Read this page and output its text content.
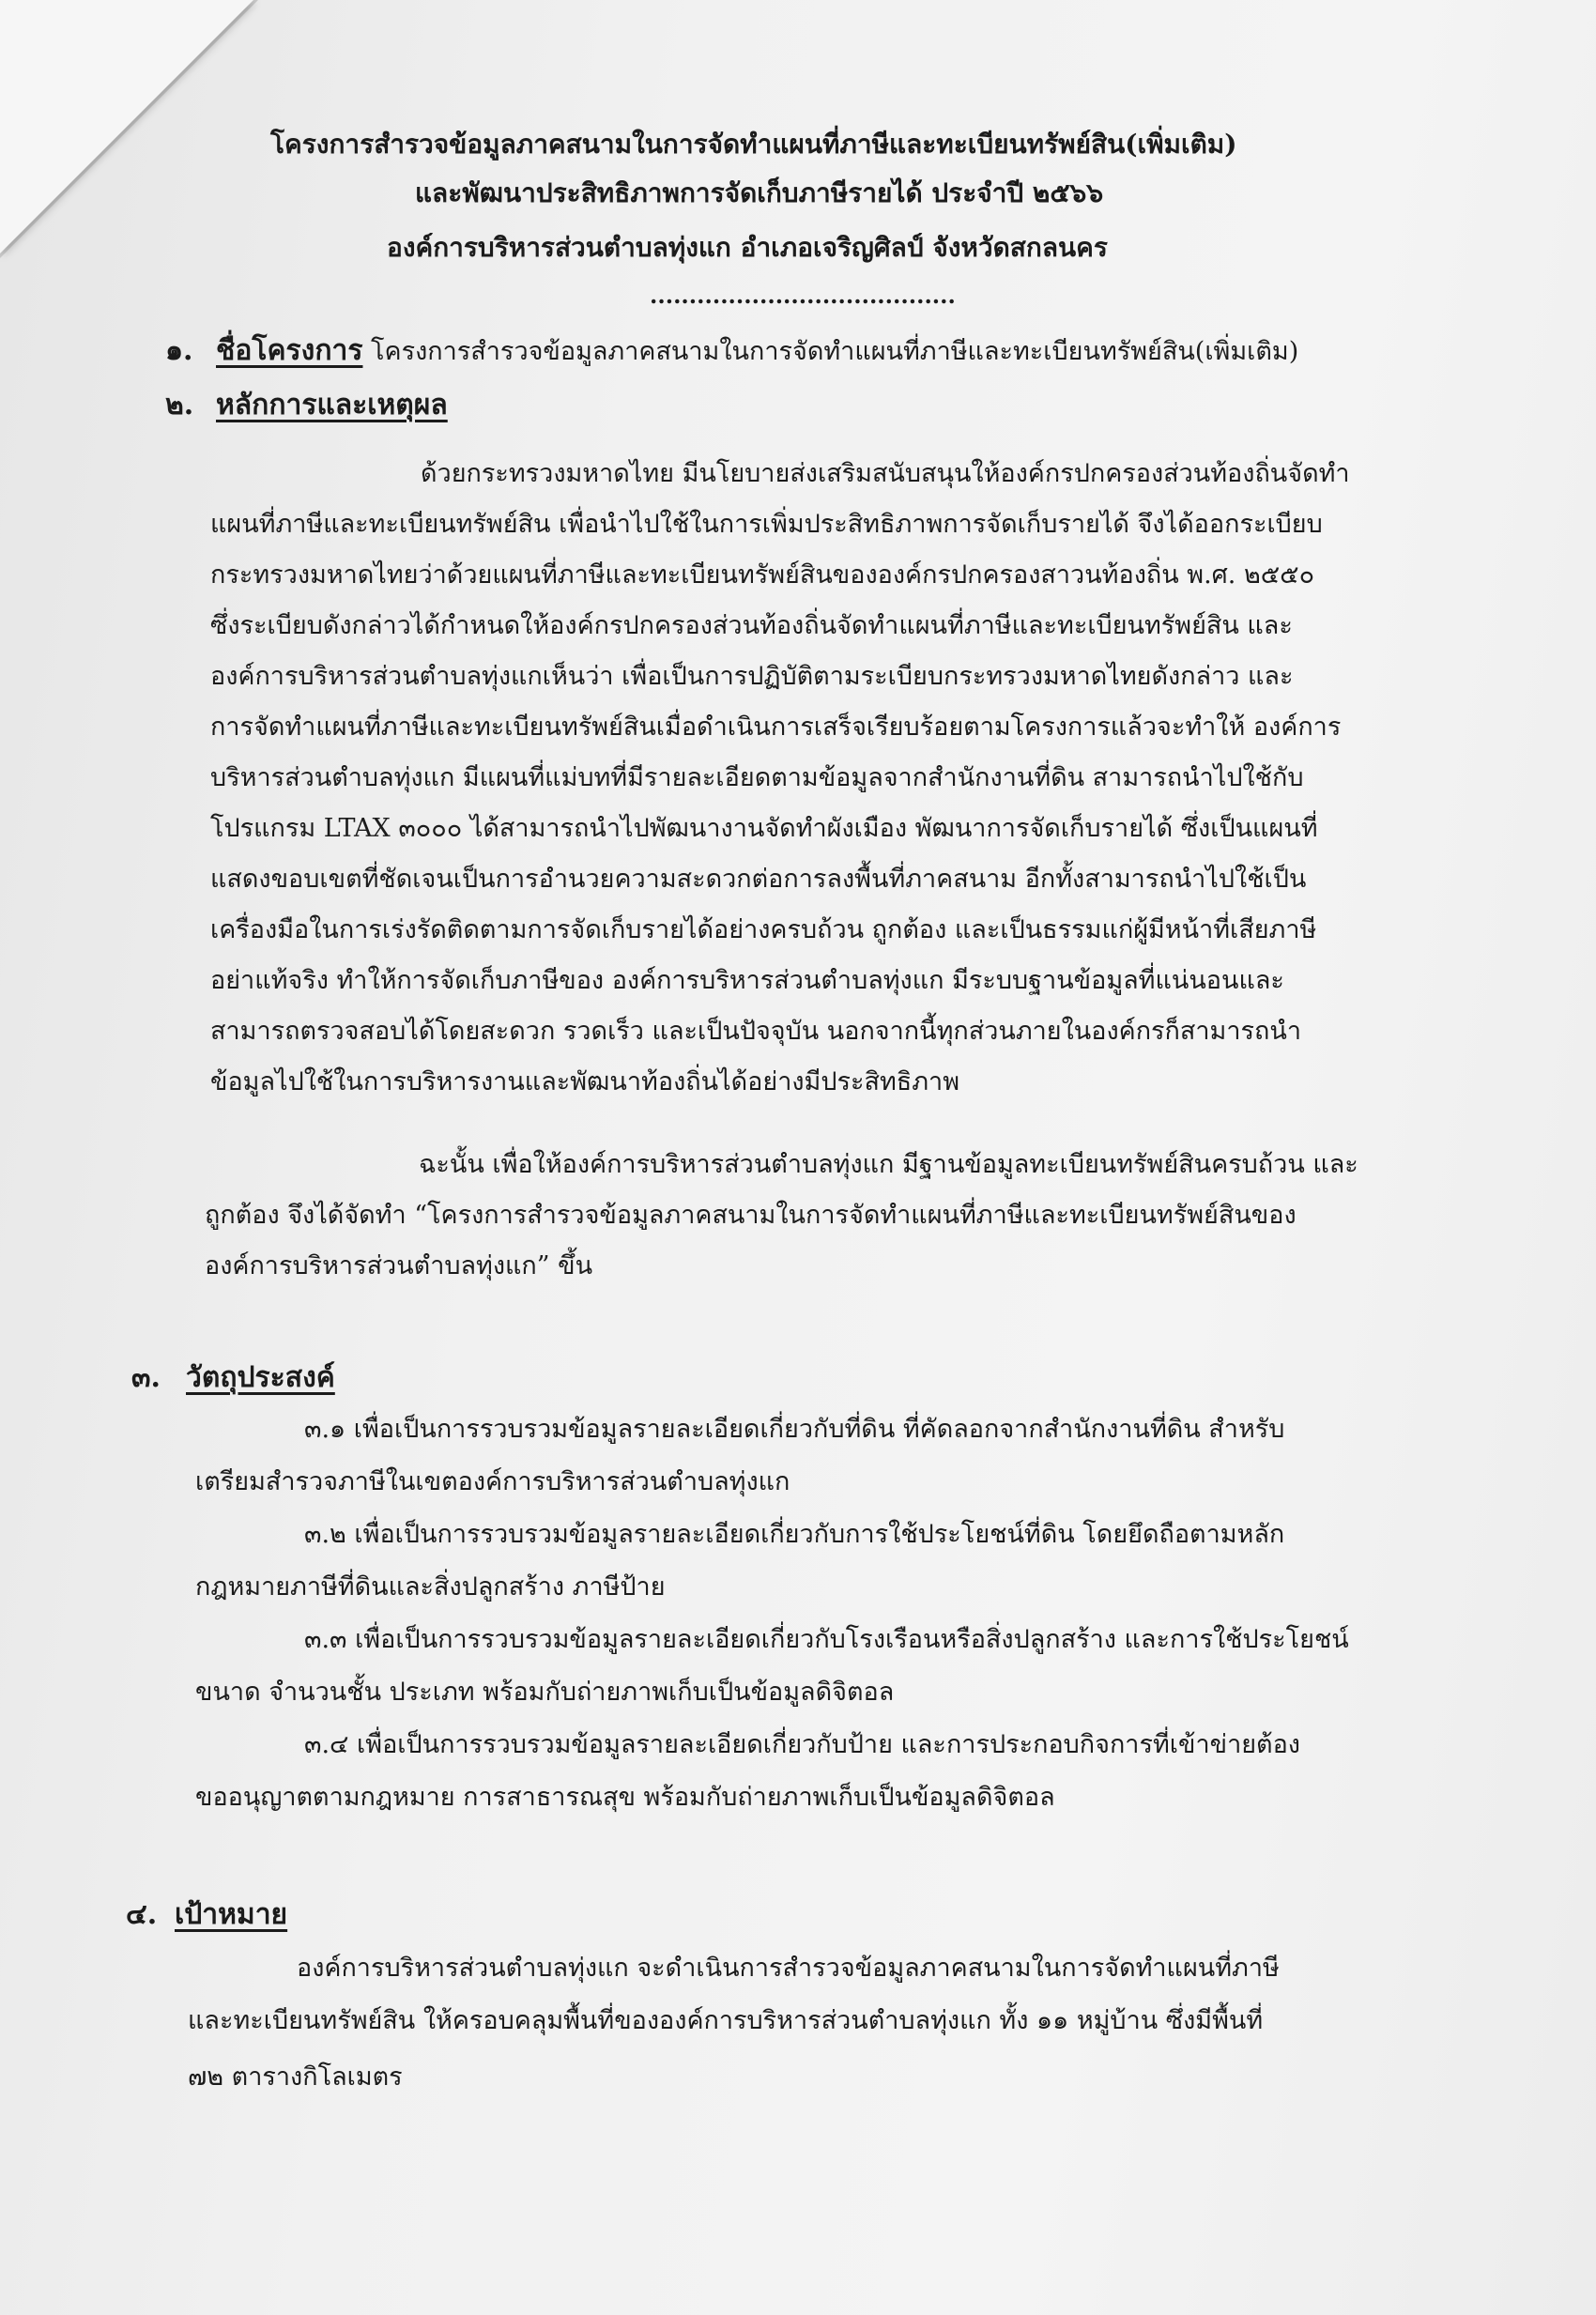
โครงการสำรวจข้อมูลภาคสนามในการจัดทำแผนที่ภาษีและทะเบียนทรัพย์สิน(เพิ่มเติม)
และพัฒนาประสิทธิภาพการจัดเก็บภาษีรายได้ ประจำปี ๒๕๖๖
องค์การบริหารส่วนตำบลทุ่งแก อำเภอเจริญศิลป์ จังหวัดสกลนคร
.......................................
๑. ชื่อโครงการ โครงการสำรวจข้อมูลภาคสนามในการจัดทำแผนที่ภาษีและทะเบียนทรัพย์สิน(เพิ่มเติม)
๒. หลักการและเหตุผล
ด้วยกระทรวงมหาดไทย มีนโยบายส่งเสริมสนับสนุนให้องค์กรปกครองส่วนท้องถิ่นจัดทำ
แผนที่ภาษีและทะเบียนทรัพย์สิน เพื่อนำไปใช้ในการเพิ่มประสิทธิภาพการจัดเก็บรายได้ จึงได้ออกระเบียบ
กระทรวงมหาดไทยว่าด้วยแผนที่ภาษีและทะเบียนทรัพย์สินขององค์กรปกครองสาวนท้องถิ่น พ.ศ. ๒๕๕๐
ซึ่งระเบียบดังกล่าวได้กำหนดให้องค์กรปกครองส่วนท้องถิ่นจัดทำแผนที่ภาษีและทะเบียนทรัพย์สิน และ
องค์การบริหารส่วนตำบลทุ่งแกเห็นว่า เพื่อเป็นการปฏิบัติตามระเบียบกระทรวงมหาดไทยดังกล่าว และ
การจัดทำแผนที่ภาษีและทะเบียนทรัพย์สินเมื่อดำเนินการเสร็จเรียบร้อยตามโครงการแล้วจะทำให้ องค์การ
บริหารส่วนตำบลทุ่งแก มีแผนที่แม่บทที่มีรายละเอียดตามข้อมูลจากสำนักงานที่ดิน สามารถนำไปใช้กับ
โปรแกรม LTAX ๓๐๐๐ ได้สามารถนำไปพัฒนางานจัดทำผังเมือง พัฒนาการจัดเก็บรายได้ ซึ่งเป็นแผนที่
แสดงขอบเขตที่ชัดเจนเป็นการอำนวยความสะดวกต่อการลงพื้นที่ภาคสนาม อีกทั้งสามารถนำไปใช้เป็น
เครื่องมือในการเร่งรัดติดตามการจัดเก็บรายได้อย่างครบถ้วน ถูกต้อง และเป็นธรรมแก่ผู้มีหน้าที่เสียภาษี
อย่าแท้จริง ทำให้การจัดเก็บภาษีของ องค์การบริหารส่วนตำบลทุ่งแก มีระบบฐานข้อมูลที่แน่นอนและ
สามารถตรวจสอบได้โดยสะดวก รวดเร็ว และเป็นปัจจุบัน นอกจากนี้ทุกส่วนภายในองค์กรก็สามารถนำ
ข้อมูลไปใช้ในการบริหารงานและพัฒนาท้องถิ่นได้อย่างมีประสิทธิภาพ
ฉะนั้น เพื่อให้องค์การบริหารส่วนตำบลทุ่งแก มีฐานข้อมูลทะเบียนทรัพย์สินครบถ้วน และ
ถูกต้อง จึงได้จัดทำ “โครงการสำรวจข้อมูลภาคสนามในการจัดทำแผนที่ภาษีและทะเบียนทรัพย์สินของ
องค์การบริหารส่วนตำบลทุ่งแก” ขึ้น
๓. วัตถุประสงค์
๓.๑ เพื่อเป็นการรวบรวมข้อมูลรายละเอียดเกี่ยวกับที่ดิน ที่คัดลอกจากสำนักงานที่ดิน สำหรับ
เตรียมสำรวจภาษีในเขตองค์การบริหารส่วนตำบลทุ่งแก
๓.๒ เพื่อเป็นการรวบรวมข้อมูลรายละเอียดเกี่ยวกับการใช้ประโยชน์ที่ดิน โดยยึดถือตามหลัก
กฎหมายภาษีที่ดินและสิ่งปลูกสร้าง ภาษีป้าย
๓.๓ เพื่อเป็นการรวบรวมข้อมูลรายละเอียดเกี่ยวกับโรงเรือนหรือสิ่งปลูกสร้าง และการใช้ประโยชน์
ขนาด จำนวนชั้น ประเภท พร้อมกับถ่ายภาพเก็บเป็นข้อมูลดิจิตอล
๓.๔ เพื่อเป็นการรวบรวมข้อมูลรายละเอียดเกี่ยวกับป้าย และการประกอบกิจการที่เข้าข่ายต้อง
ขออนุญาตตามกฎหมาย การสาธารณสุข พร้อมกับถ่ายภาพเก็บเป็นข้อมูลดิจิตอล
๔. เป้าหมาย
องค์การบริหารส่วนตำบลทุ่งแก จะดำเนินการสำรวจข้อมูลภาคสนามในการจัดทำแผนที่ภาษี
และทะเบียนทรัพย์สิน ให้ครอบคลุมพื้นที่ขององค์การบริหารส่วนตำบลทุ่งแก ทั้ง ๑๑ หมู่บ้าน ซึ่งมีพื้นที่
๗๒ ตารางกิโลเมตร
